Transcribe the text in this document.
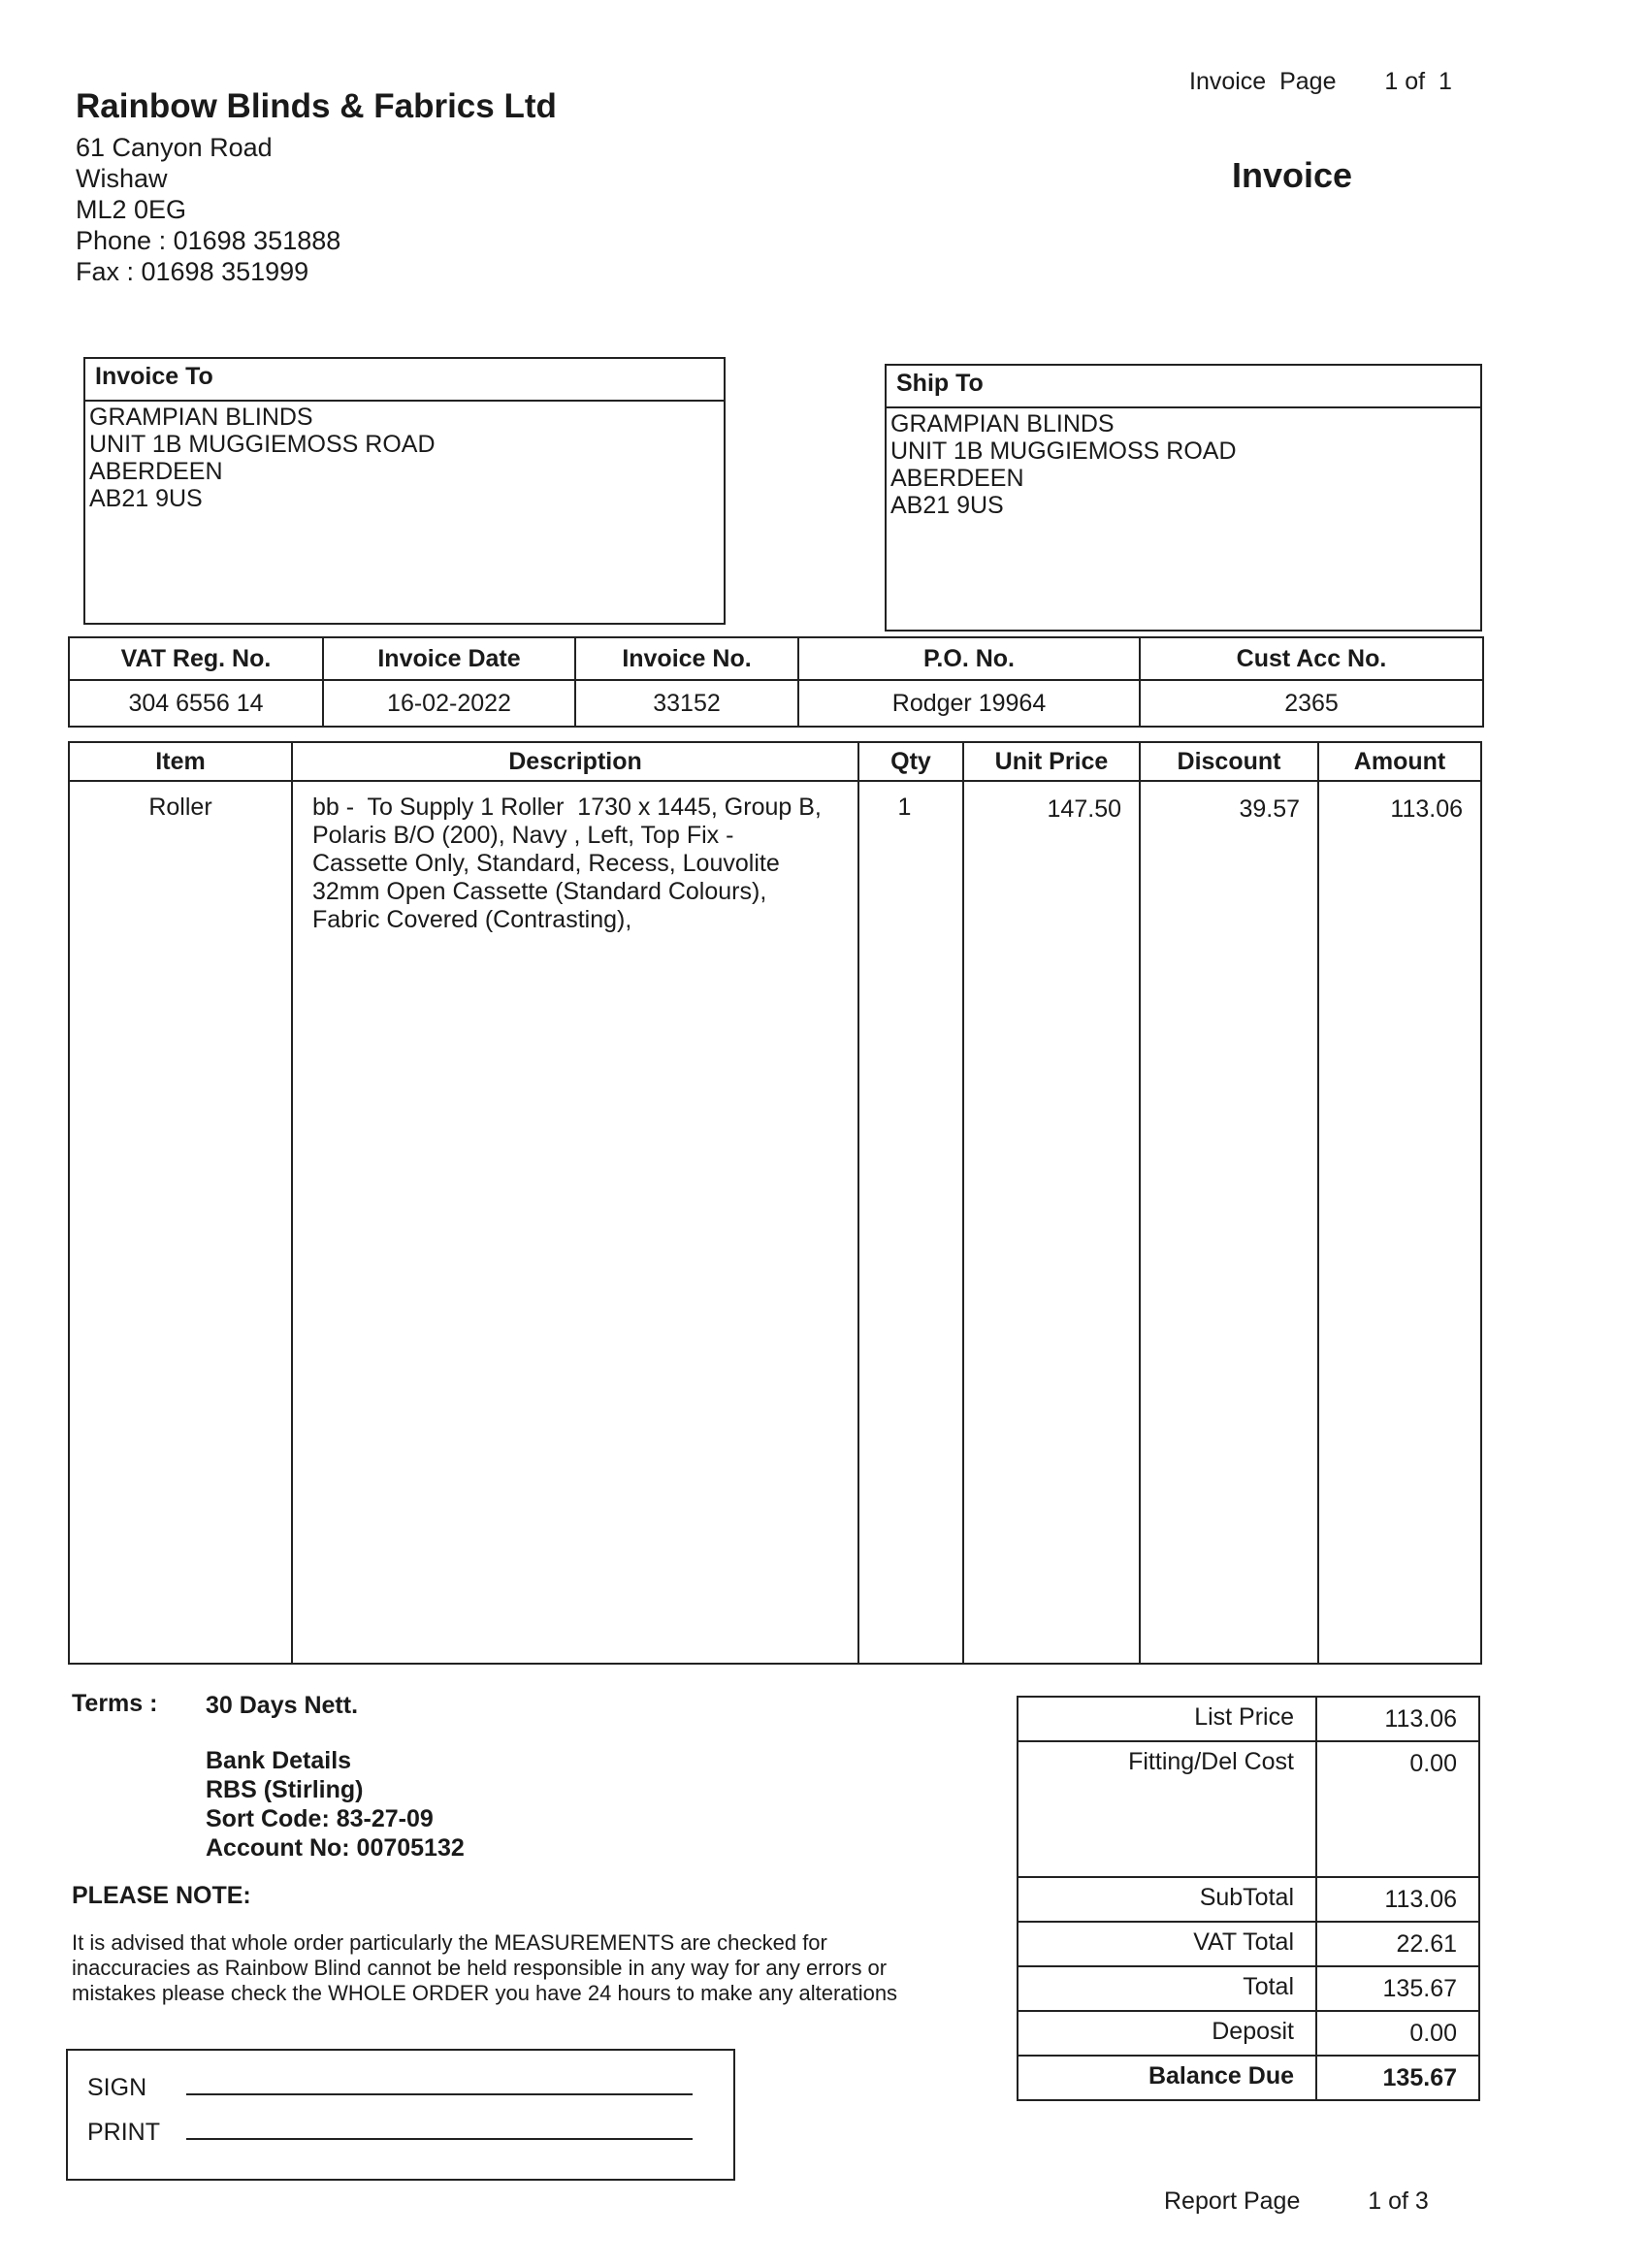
Rainbow Blinds & Fabrics Ltd
61 Canyon Road
Wishaw
ML2 0EG
Phone : 01698 351888
Fax : 01698 351999
Invoice  Page 1 of  1
Invoice
Invoice To
GRAMPIAN BLINDS
UNIT 1B MUGGIEMOSS ROAD
ABERDEEN
AB21 9US
Ship To
GRAMPIAN BLINDS
UNIT 1B MUGGIEMOSS ROAD
ABERDEEN
AB21 9US
VAT Reg. No.	Invoice Date	Invoice No.	P.O. No.	Cust Acc No.
304 6556 14	16-02-2022	33152	Rodger 19964	2365
Item	Description	Qty	Unit Price	Discount	Amount
Roller	bb -  To Supply 1 Roller  1730 x 1445, Group B,
Polaris B/O (200), Navy , Left, Top Fix -
Cassette Only, Standard, Recess, Louvolite
32mm Open Cassette (Standard Colours),
Fabric Covered (Contrasting),	1	147.50	39.57	113.06
Terms : 30 Days Nett.
Bank Details
RBS (Stirling)
Sort Code: 83-27-09
Account No: 00705132
PLEASE NOTE:
It is advised that whole order particularly the MEASUREMENTS are checked for
inaccuracies as Rainbow Blind cannot be held responsible in any way for any errors or
mistakes please check the WHOLE ORDER you have 24 hours to make any alterations
List Price	113.06
Fitting/Del Cost	0.00
SubTotal	113.06
VAT Total	22.61
Total	135.67
Deposit	0.00
Balance Due	135.67
SIGN
PRINT
Report Page	1 of 3
